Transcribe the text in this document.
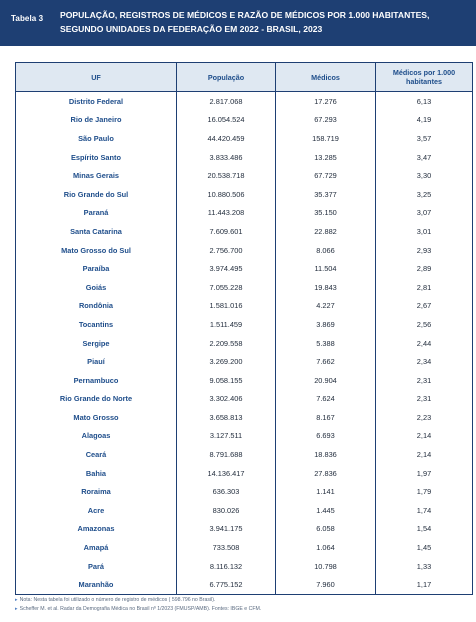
Tabela 3 POPULAÇÃO, REGISTROS DE MÉDICOS E RAZÃO DE MÉDICOS POR 1.000 HABITANTES,
SEGUNDO UNIDADES DA FEDERAÇÃO EM 2022 - BRASIL, 2023
UF	População	Médicos	Médicos por 1.000 habitantes
Distrito Federal	2.817.068	17.276	6,13
Rio de Janeiro	16.054.524	67.293	4,19
São Paulo	44.420.459	158.719	3,57
Espírito Santo	3.833.486	13.285	3,47
Minas Gerais	20.538.718	67.729	3,30
Rio Grande do Sul	10.880.506	35.377	3,25
Paraná	11.443.208	35.150	3,07
Santa Catarina	7.609.601	22.882	3,01
Mato Grosso do Sul	2.756.700	8.066	2,93
Paraíba	3.974.495	11.504	2,89
Goiás	7.055.228	19.843	2,81
Rondônia	1.581.016	4.227	2,67
Tocantins	1.511.459	3.869	2,56
Sergipe	2.209.558	5.388	2,44
Piauí	3.269.200	7.662	2,34
Pernambuco	9.058.155	20.904	2,31
Rio Grande do Norte	3.302.406	7.624	2,31
Mato Grosso	3.658.813	8.167	2,23
Alagoas	3.127.511	6.693	2,14
Ceará	8.791.688	18.836	2,14
Bahia	14.136.417	27.836	1,97
Roraima	636.303	1.141	1,79
Acre	830.026	1.445	1,74
Amazonas	3.941.175	6.058	1,54
Amapá	733.508	1.064	1,45
Pará	8.116.132	10.798	1,33
Maranhão	6.775.152	7.960	1,17
▸ Nota: Nesta tabela foi utilizado o número de registro de médicos ( 598.796 no Brasil).
▸ Scheffer M. et al. Radar da Demografia Médica no Brasil nº 1/2023 (FMUSP/AMB). Fontes: IBGE e CFM.
